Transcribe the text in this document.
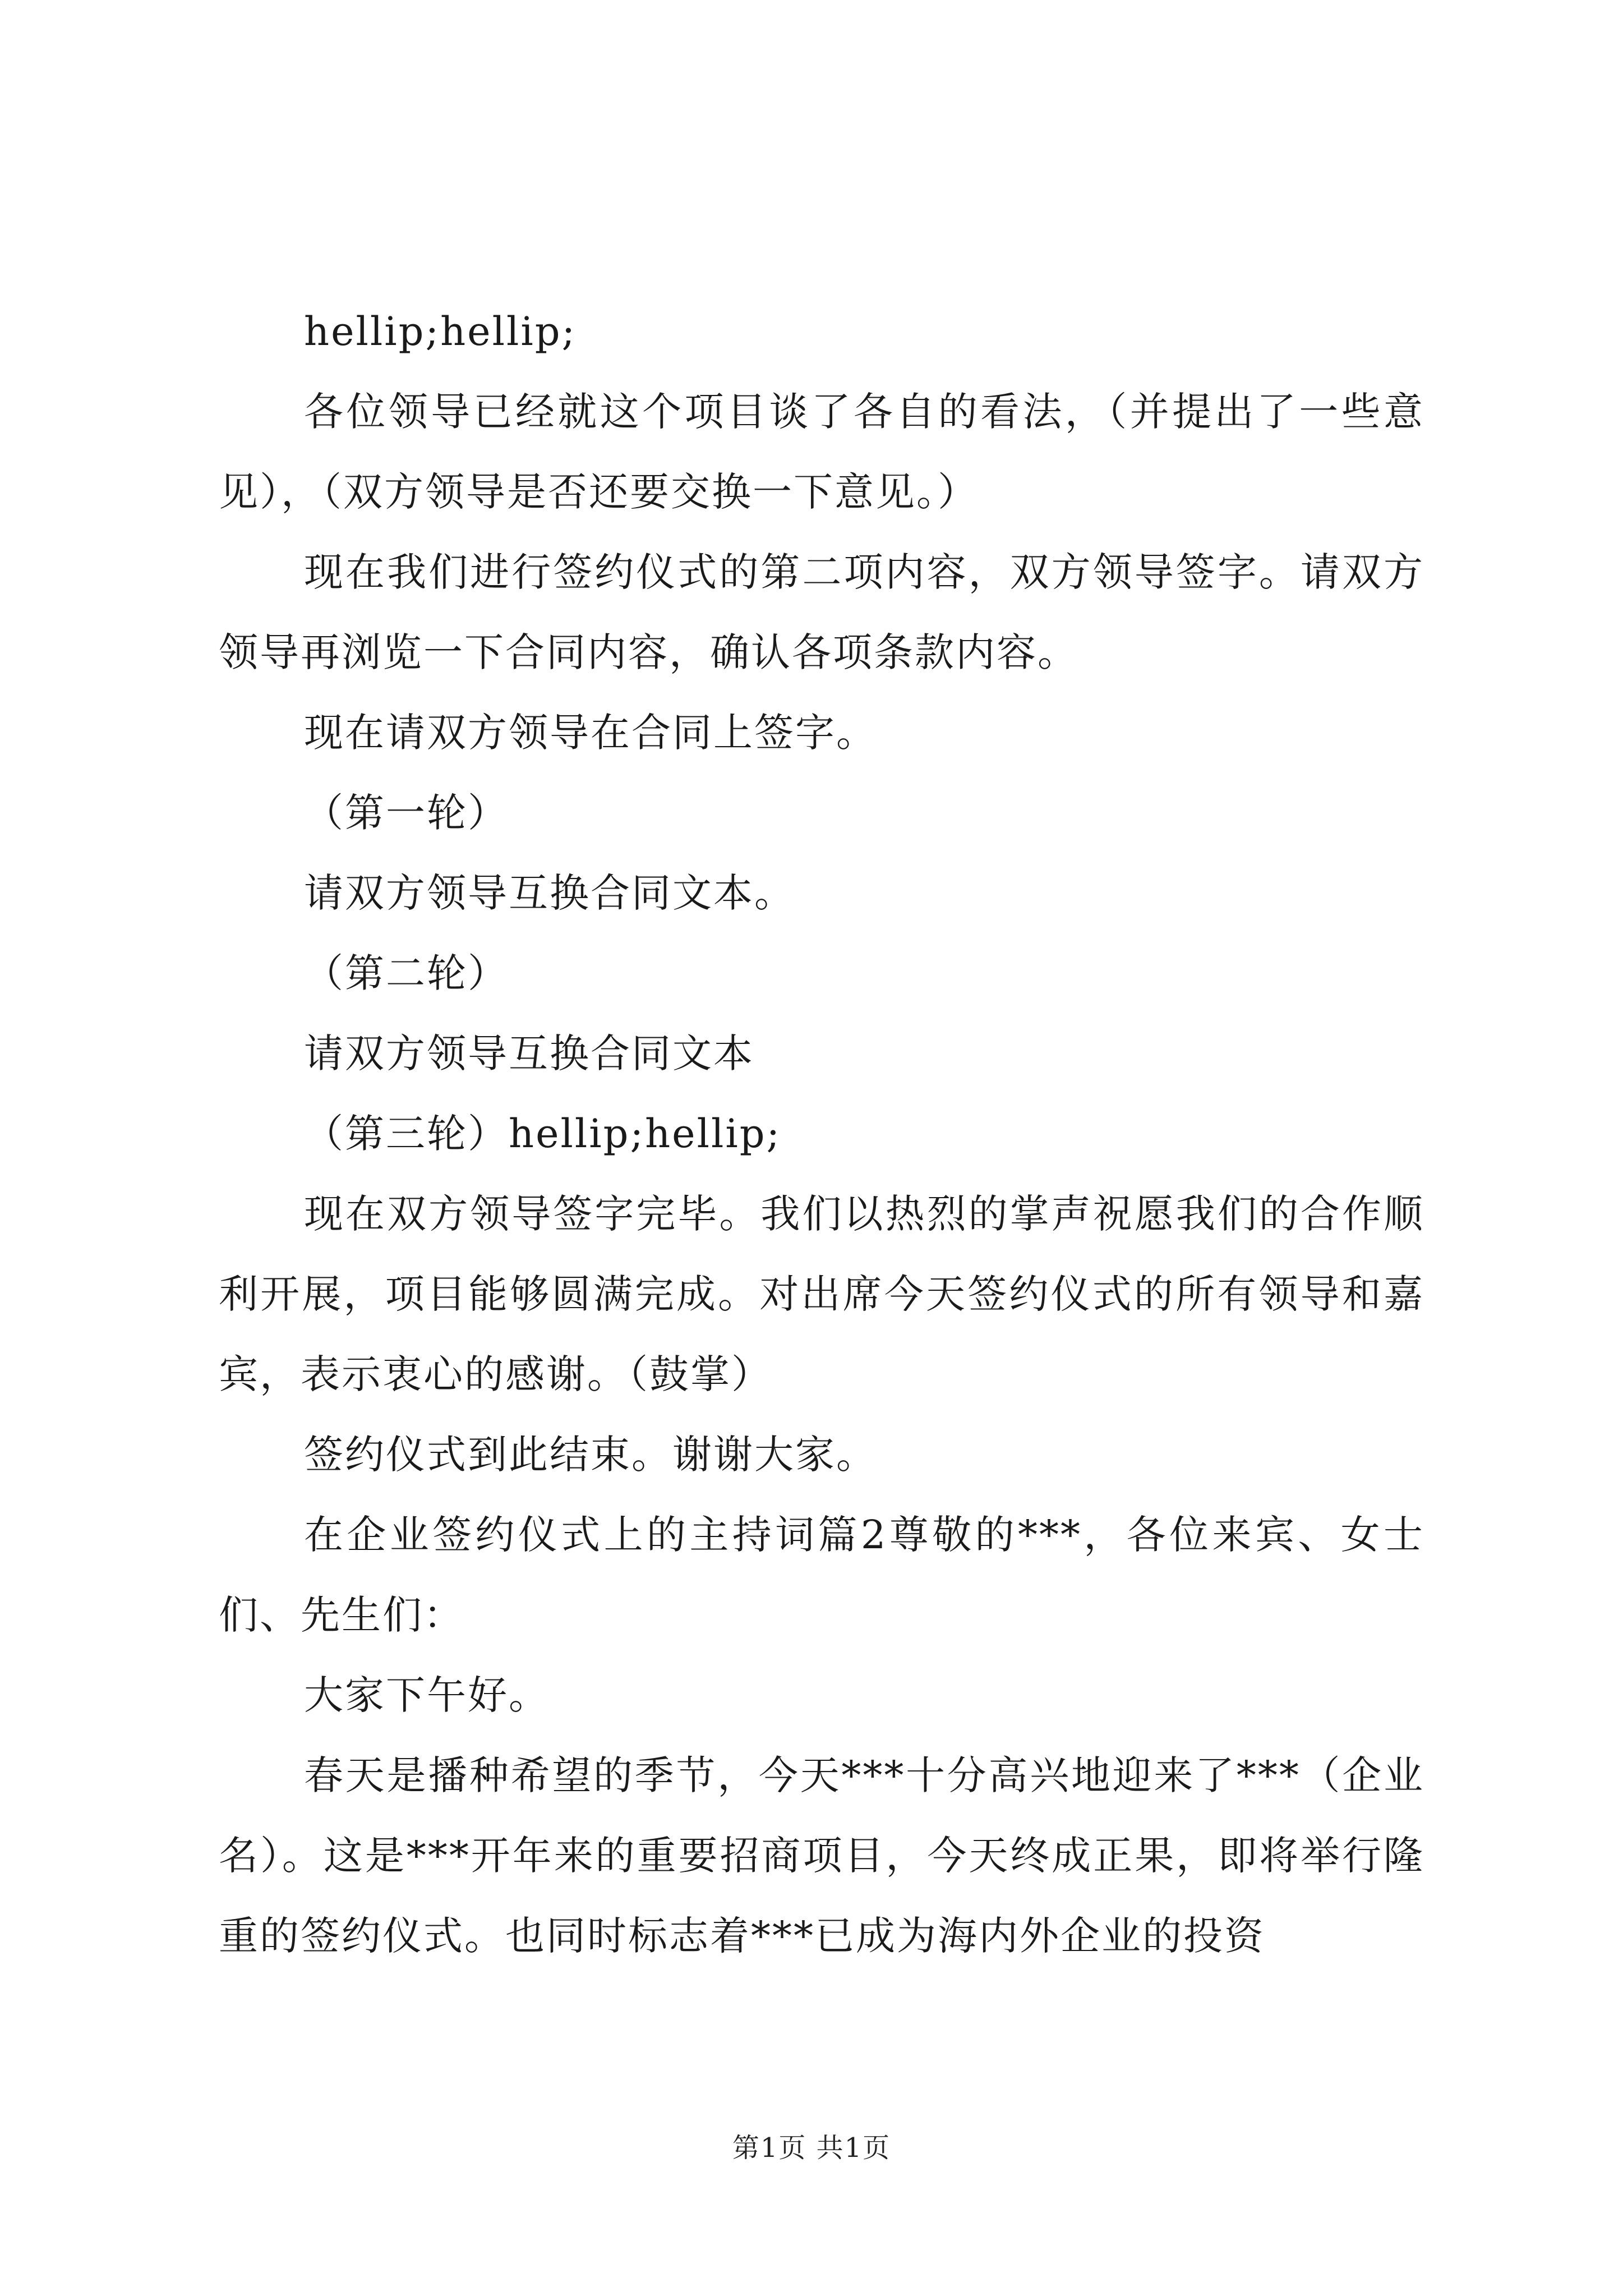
hellip;hellip;

各位领导已经就这个项目谈了各自的看法，（并提出了一些意见），（双方领导是否还要交换一下意见。）

现在我们进行签约仪式的第二项内容，双方领导签字。请双方领导再浏览一下合同内容，确认各项条款内容。

现在请双方领导在合同上签字。

（第一轮）

请双方领导互换合同文本。

（第二轮）

请双方领导互换合同文本

（第三轮）hellip;hellip;

现在双方领导签字完毕。我们以热烈的掌声祝愿我们的合作顺利开展，项目能够圆满完成。对出席今天签约仪式的所有领导和嘉宾，表示衷心的感谢。（鼓掌）

签约仪式到此结束。谢谢大家。

在企业签约仪式上的主持词篇2尊敬的***，各位来宾、女士们、先生们：

大家下午好。

春天是播种希望的季节，今天***十分高兴地迎来了***（企业名）。这是***开年来的重要招商项目，今天终成正果，即将举行隆重的签约仪式。也同时标志着***已成为海内外企业的投资

第1页 共1页
